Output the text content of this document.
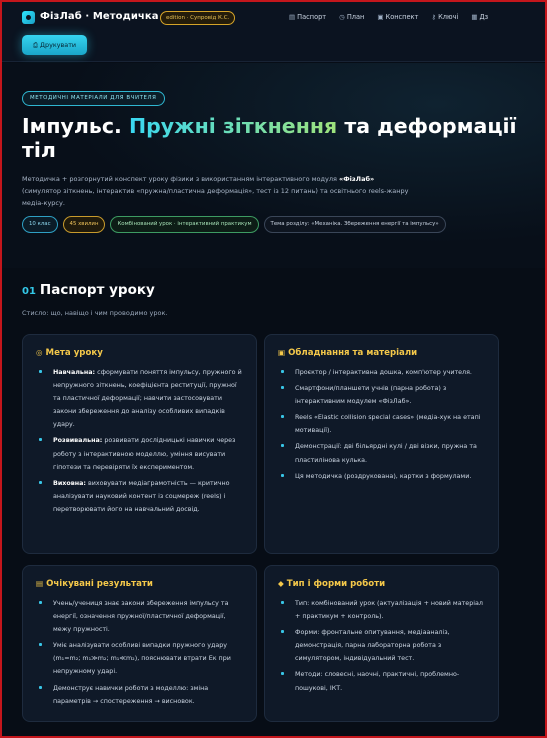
ФізЛаб · Методичка	edition · Супровід К.С.	▤ Паспорт ◷ План ▣ Конспект ⚷ Ключі ▦ Дз
⎙ Друкувати
МЕТОДИЧНІ МАТЕРІАЛИ ДЛЯ ВЧИТЕЛЯ
Імпульс. Пружні зіткнення та деформації тіл

Методичка + розгорнутий конспект уроку фізики з використанням інтерактивного модуля «ФізЛаб» (симулятор зіткнень, інтерактив «пружна/пластична деформація», тест із 12 питань) та освітнього reels-жанру медіа-курсу.

10 клас	45 хвилин	Комбінований урок · інтерактивний практикум	Тема розділу: «Механіка. Збереження енергії та імпульсу»
01 Паспорт уроку
Стисло: що, навіщо і чим проводимо урок.
◎ Мета уроку
Навчальна: сформувати поняття імпульсу, пружного й непружного зіткнень, коефіцієнта реституції, пружної та пластичної деформації; навчити застосовувати закони збереження до аналізу особливих випадків удару.
Розвивальна: розвивати дослідницькі навички через роботу з інтерактивною моделлю, уміння висувати гіпотези та перевіряти їх експериментом.
Виховна: виховувати медіаграмотність — критично аналізувати науковий контент із соцмереж (reels) і перетворювати його на навчальний досвід.
▣ Обладнання та матеріали
Проєктор / інтерактивна дошка, комп'ютер учителя.
Смартфони/планшети учнів (парна робота) з інтерактивним модулем «ФізЛаб».
Reels «Elastic collision special cases» (медіа-хук на етапі мотивації).
Демонстрації: дві більярдні кулі / дві візки, пружна та пластилінова кулька.
Ця методичка (роздрукована), картки з формулами.
▤ Очікувані результати
Учень/учениця знає закони збереження імпульсу та енергії, означення пружної/пластичної деформації, межу пружності.
Уміє аналізувати особливі випадки пружного удару (m₁=m₂; m₁≫m₂; m₁≪m₂), пояснювати втрати Eк при непружному ударі.
Демонструє навички роботи з моделлю: зміна параметрів → спостереження → висновок.
◆ Тип і форми роботи
Тип: комбінований урок (актуалізація + новий матеріал + практикум + контроль).
Форми: фронтальне опитування, медіааналіз, демонстрація, парна лабораторна робота з симулятором, індивідуальний тест.
Методи: словесні, наочні, практичні, проблемно-пошукові, ІКТ.
